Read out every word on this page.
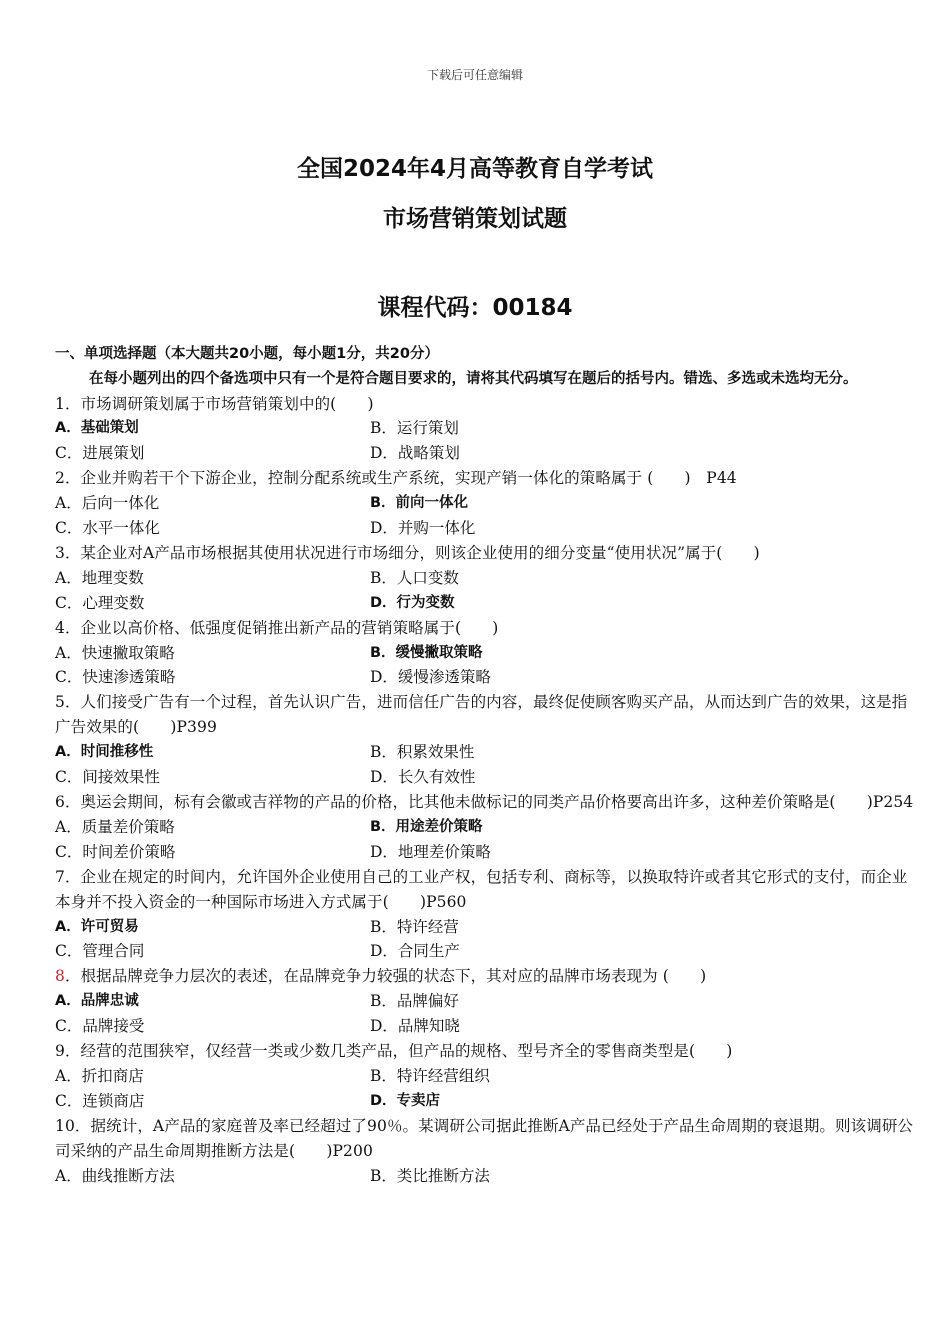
下载后可任意编辑
全国2024年4月高等教育自学考试
市场营销策划试题
课程代码：00184
一、单项选择题（本大题共20小题，每小题1分，共20分）
在每小题列出的四个备选项中只有一个是符合题目要求的，请将其代码填写在题后的括号内。错选、多选或未选均无分。
1．市场调研策划属于市场营销策划中的(　　)
A．基础策划	B．运行策划
C．进展策划	D．战略策划
2．企业并购若干个下游企业，控制分配系统或生产系统，实现产销一体化的策略属于 (　　)　P44
A．后向一体化	B．前向一体化
C．水平一体化	D．并购一体化
3．某企业对A产品市场根据其使用状况进行市场细分，则该企业使用的细分变量“使用状况”属于(　　)
A．地理变数	B．人口变数
C．心理变数	D．行为变数
4．企业以高价格、低强度促销推出新产品的营销策略属于(　　)
A．快速撇取策略	B．缓慢撇取策略
C．快速渗透策略	D．缓慢渗透策略
5．人们接受广告有一个过程，首先认识广告，进而信任广告的内容，最终促使顾客购买产品，从而达到广告的效果，这是指广告效果的(　　)P399
A．时间推移性	B．积累效果性
C．间接效果性	D．长久有效性
6．奥运会期间，标有会徽或吉祥物的产品的价格，比其他未做标记的同类产品价格要高出许多，这种差价策略是(　　)P254
A．质量差价策略	B．用途差价策略
C．时间差价策略	D．地理差价策略
7．企业在规定的时间内，允许国外企业使用自己的工业产权，包括专利、商标等，以换取特许或者其它形式的支付，而企业本身并不投入资金的一种国际市场进入方式属于(　　)P560
A．许可贸易	B．特许经营
C．管理合同	D．合同生产
8．根据品牌竞争力层次的表述，在品牌竞争力较强的状态下，其对应的品牌市场表现为 (　　)
A．品牌忠诚	B．品牌偏好
C．品牌接受	D．品牌知晓
9．经营的范围狭窄，仅经营一类或少数几类产品，但产品的规格、型号齐全的零售商类型是(　　)
A．折扣商店	B．特许经营组织
C．连锁商店	D．专卖店
10．据统计，A产品的家庭普及率已经超过了90％。某调研公司据此推断A产品已经处于产品生命周期的衰退期。则该调研公司采纳的产品生命周期推断方法是(　　)P200
A．曲线推断方法	B．类比推断方法
